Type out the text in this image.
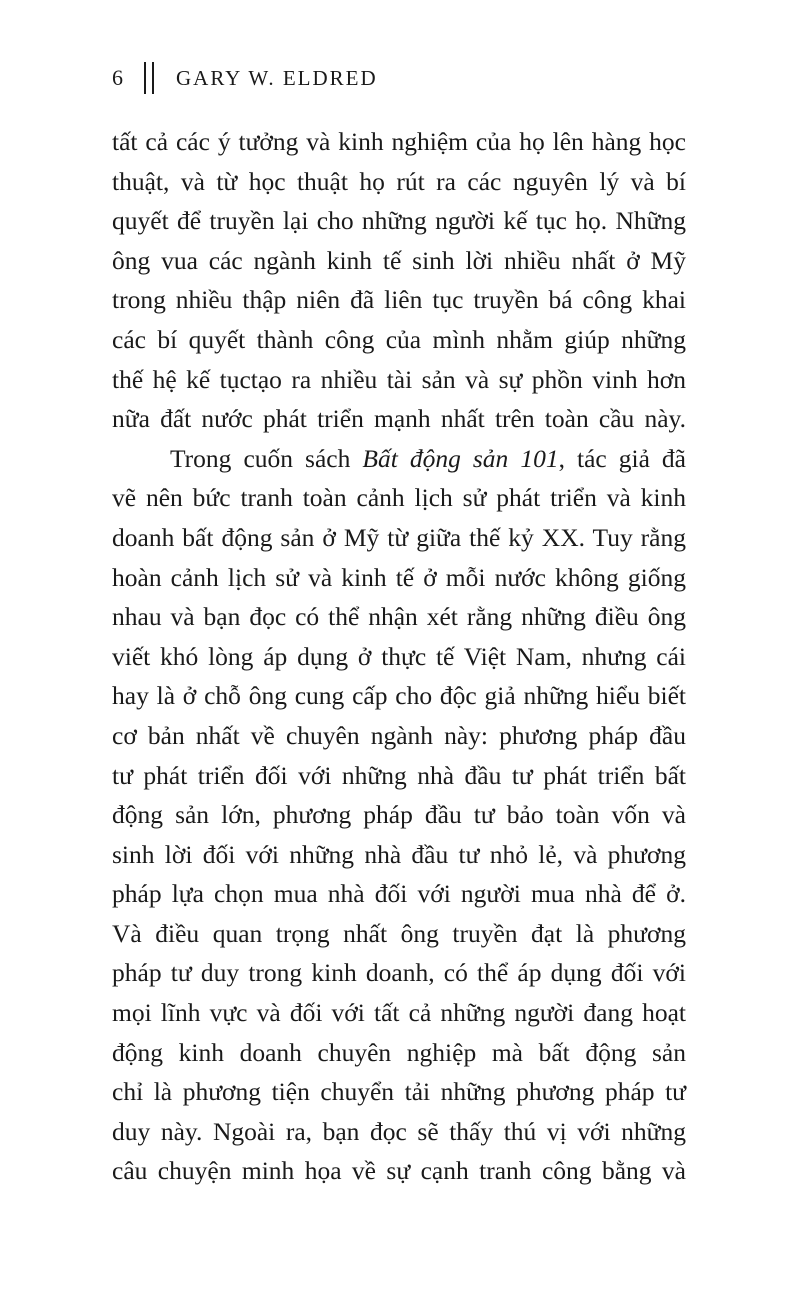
6	GARY W. ELDRED
tất cả các ý tưởng và kinh nghiệm của họ lên hàng học
thuật, và từ học thuật họ rút ra các nguyên lý và bí
quyết để truyền lại cho những người kế tục họ. Những
ông vua các ngành kinh tế sinh lời nhiều nhất ở Mỹ
trong nhiều thập niên đã liên tục truyền bá công khai
các bí quyết thành công của mình nhằm giúp những
thế hệ kế tụctạo ra nhiều tài sản và sự phồn vinh hơn
nữa đất nước phát triển mạnh nhất trên toàn cầu này.
Trong cuốn sách Bất động sản 101, tác giả đã
vẽ nên bức tranh toàn cảnh lịch sử phát triển và kinh
doanh bất động sản ở Mỹ từ giữa thế kỷ XX. Tuy rằng
hoàn cảnh lịch sử và kinh tế ở mỗi nước không giống
nhau và bạn đọc có thể nhận xét rằng những điều ông
viết khó lòng áp dụng ở thực tế Việt Nam, nhưng cái
hay là ở chỗ ông cung cấp cho độc giả những hiểu biết
cơ bản nhất về chuyên ngành này: phương pháp đầu
tư phát triển đối với những nhà đầu tư phát triển bất
động sản lớn, phương pháp đầu tư bảo toàn vốn và
sinh lời đối với những nhà đầu tư nhỏ lẻ, và phương
pháp lựa chọn mua nhà đối với người mua nhà để ở.
Và điều quan trọng nhất ông truyền đạt là phương
pháp tư duy trong kinh doanh, có thể áp dụng đối với
mọi lĩnh vực và đối với tất cả những người đang hoạt
động kinh doanh chuyên nghiệp mà bất động sản
chỉ là phương tiện chuyển tải những phương pháp tư
duy này. Ngoài ra, bạn đọc sẽ thấy thú vị với những
câu chuyện minh họa về sự cạnh tranh công bằng và
